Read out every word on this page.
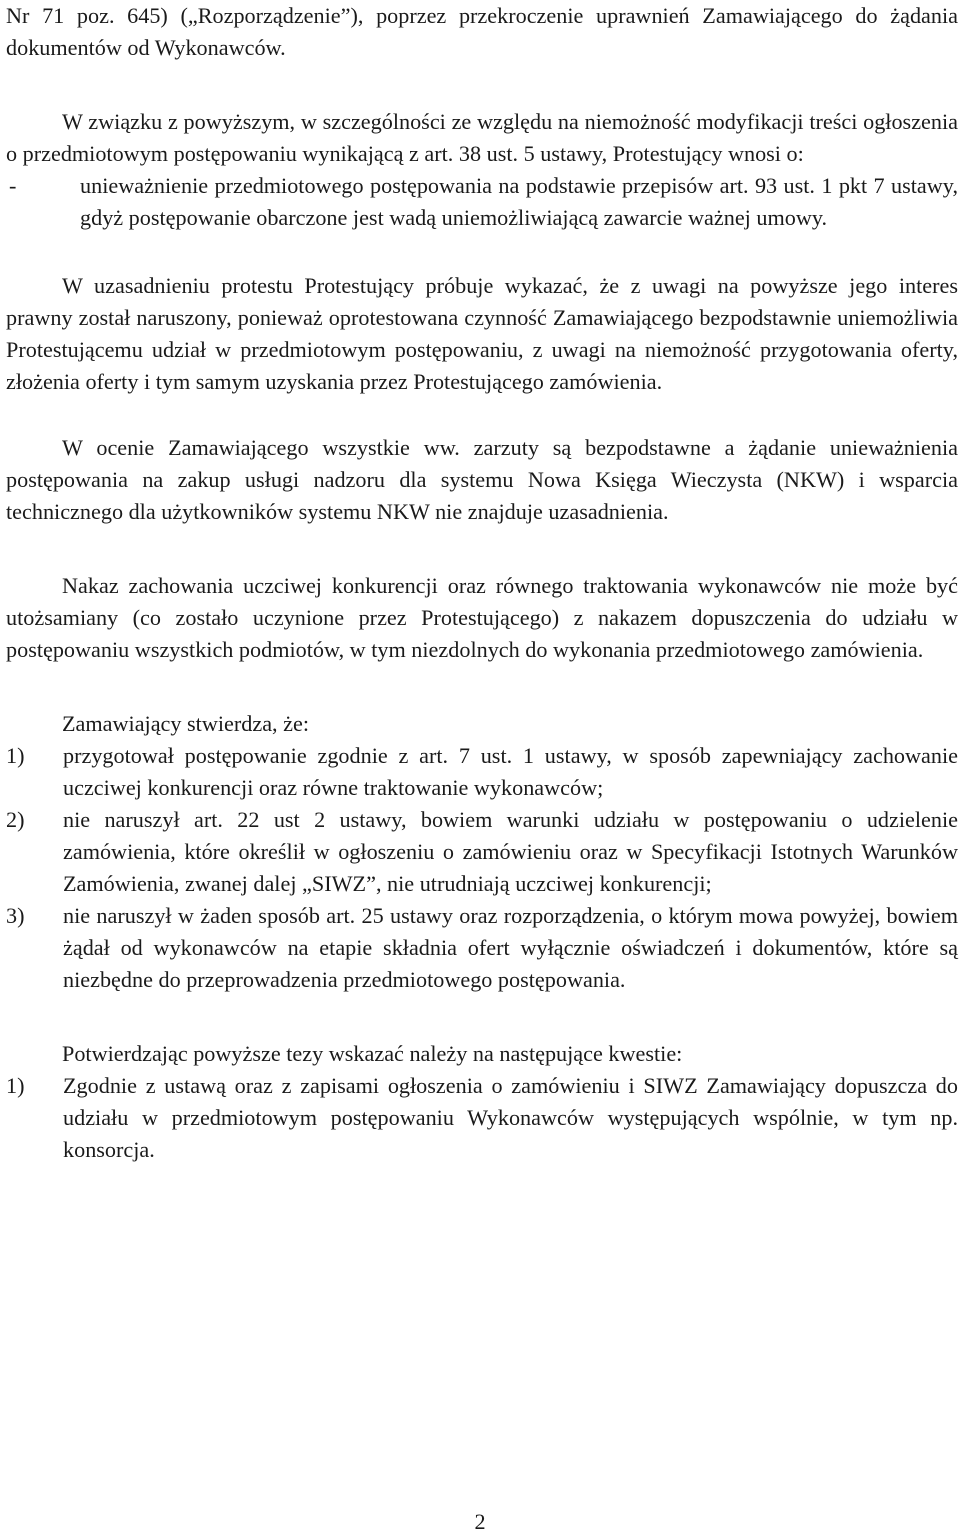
Nr 71 poz. 645) („Rozporządzenie”), poprzez przekroczenie uprawnień Zamawiającego do żądania dokumentów od Wykonawców.

W związku z powyższym, w szczególności ze względu na niemożność modyfikacji treści ogłoszenia o przedmiotowym postępowaniu wynikającą z art. 38 ust. 5 ustawy, Protestujący wnosi o:

-	unieważnienie przedmiotowego postępowania na podstawie przepisów art. 93 ust. 1 pkt 7 ustawy, gdyż postępowanie obarczone jest wadą uniemożliwiającą zawarcie ważnej umowy.

W uzasadnieniu protestu Protestujący próbuje wykazać, że z uwagi na powyższe jego interes prawny został naruszony, ponieważ oprotestowana czynność Zamawiającego bezpodstawnie uniemożliwia Protestującemu udział w przedmiotowym postępowaniu, z uwagi na niemożność przygotowania oferty, złożenia oferty i tym samym uzyskania przez Protestującego zamówienia.

W ocenie Zamawiającego wszystkie ww. zarzuty są bezpodstawne a żądanie unieważnienia postępowania na zakup usługi nadzoru dla systemu Nowa Księga Wieczysta (NKW) i wsparcia technicznego dla użytkowników systemu NKW nie znajduje uzasadnienia.

Nakaz zachowania uczciwej konkurencji oraz równego traktowania wykonawców nie może być utożsamiany (co zostało uczynione przez Protestującego) z nakazem dopuszczenia do udziału w postępowaniu wszystkich podmiotów, w tym niezdolnych do wykonania przedmiotowego zamówienia.

Zamawiający stwierdza, że:

1) przygotował postępowanie zgodnie z art. 7 ust. 1 ustawy, w sposób zapewniający zachowanie uczciwej konkurencji oraz równe traktowanie wykonawców;
2) nie naruszył art. 22 ust 2 ustawy, bowiem warunki udziału w postępowaniu o udzielenie zamówienia, które określił w ogłoszeniu o zamówieniu oraz w Specyfikacji Istotnych Warunków Zamówienia, zwanej dalej „SIWZ”, nie utrudniają uczciwej konkurencji;
3) nie naruszył w żaden sposób art. 25 ustawy oraz rozporządzenia, o którym mowa powyżej, bowiem żądał od wykonawców na etapie składnia ofert wyłącznie oświadczeń i dokumentów, które są niezbędne do przeprowadzenia przedmiotowego postępowania.

Potwierdzając powyższe tezy wskazać należy na następujące kwestie:

1) Zgodnie z ustawą oraz z zapisami ogłoszenia o zamówieniu i SIWZ Zamawiający dopuszcza do udziału w przedmiotowym postępowaniu Wykonawców występujących wspólnie, w tym np. konsorcja.
2
